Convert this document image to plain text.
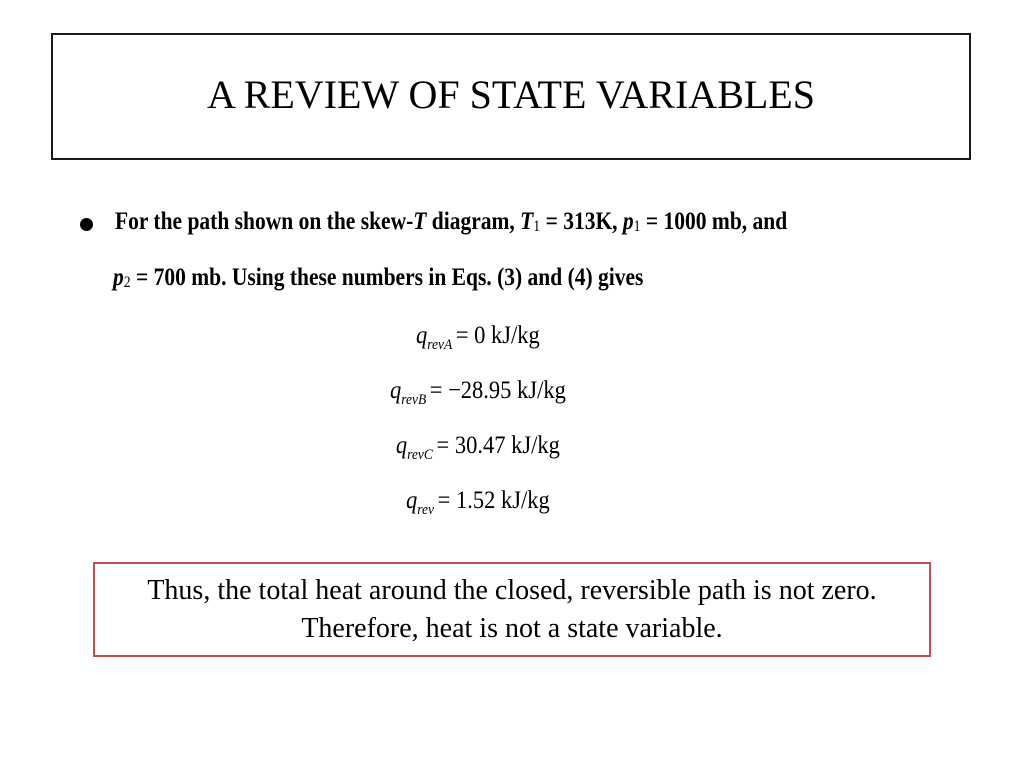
A REVIEW OF STATE VARIABLES
For the path shown on the skew-T diagram, T1 = 313K, p1 = 1000 mb, and
p2 = 700 mb. Using these numbers in Eqs. (3) and (4) gives
$q_{revA} = 0$ kJ/kg
$q_{revB} = -28.95$ kJ/kg
$q_{revC} = 30.47$ kJ/kg
$q_{rev} = 1.52$ kJ/kg
Thus, the total heat around the closed, reversible path is not zero. Therefore, heat is not a state variable.
